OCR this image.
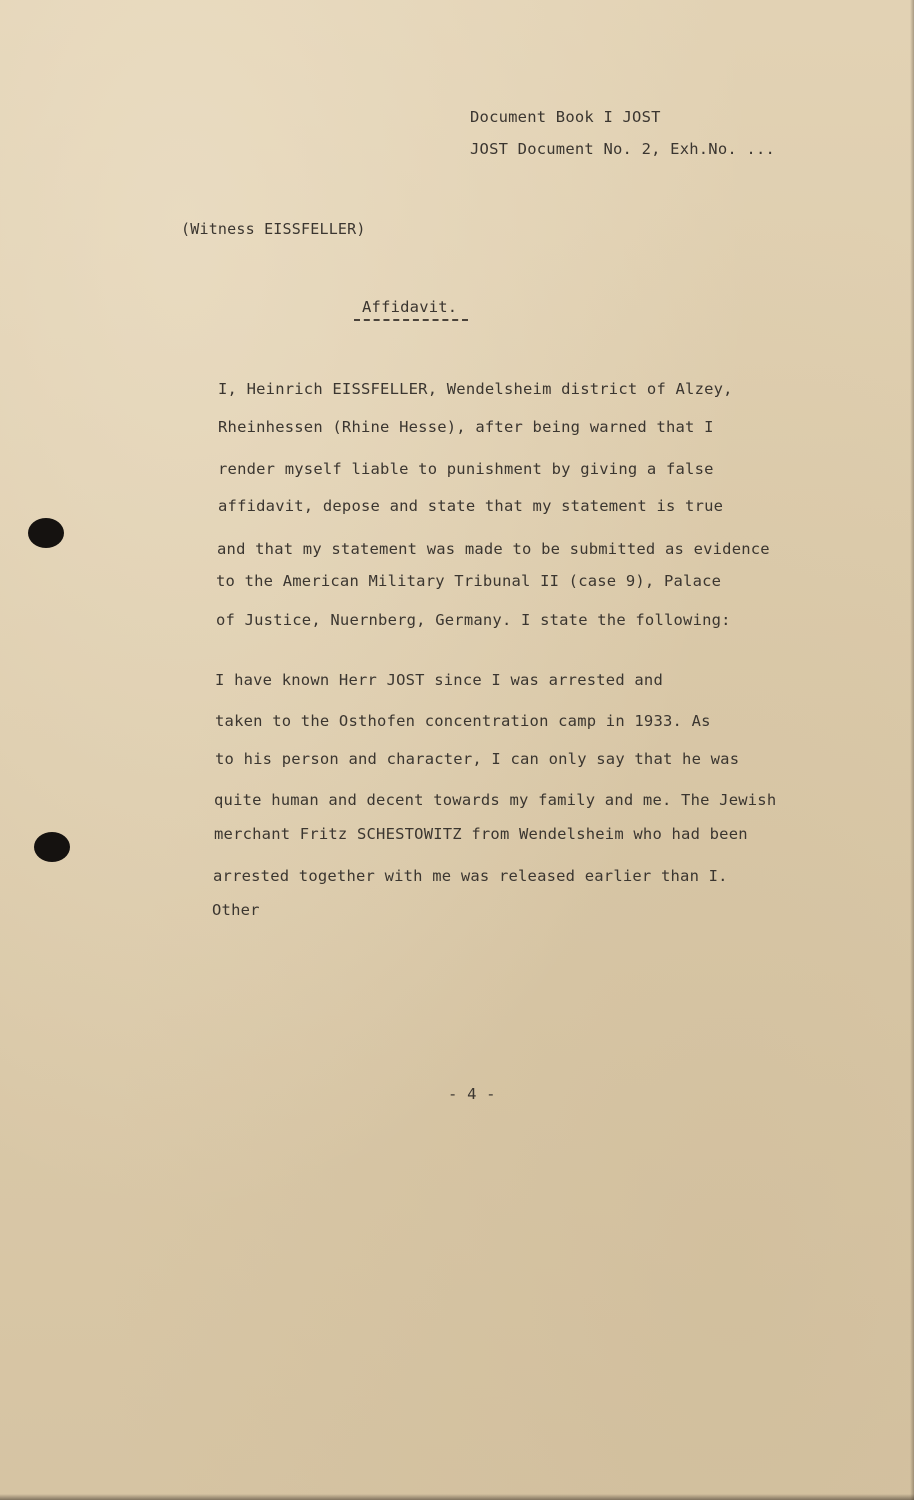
Document Book I JOST
JOST Document No. 2, Exh.No. ...
(Witness EISSFELLER)
Affidavit.
I, Heinrich EISSFELLER, Wendelsheim district of Alzey,
Rheinhessen (Rhine Hesse), after being warned that I
render myself liable to punishment by giving a false
affidavit, depose and state that my statement is true
and that my statement was made to be submitted as evidence
to the American Military Tribunal II (case 9), Palace
of Justice, Nuernberg, Germany. I state the following:
I have known Herr JOST since I was arrested and
taken to the Osthofen concentration camp in 1933. As
to his person and character, I can only say that he was
quite human and decent towards my family and me. The Jewish
merchant Fritz SCHESTOWITZ from Wendelsheim who had been
arrested together with me was released earlier than I.
Other
- 4 -
